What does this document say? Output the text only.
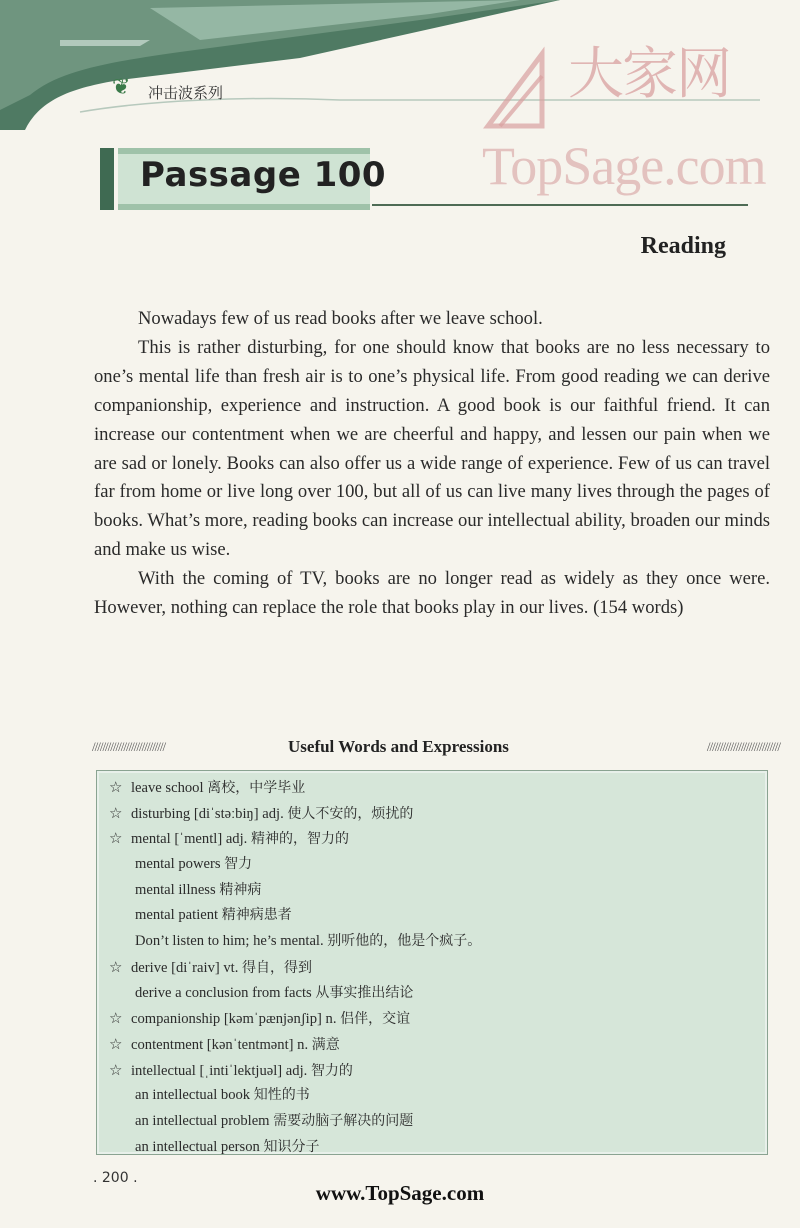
❦ 冲击波系列	大家网
TopSage.com
Passage 100
Reading

Nowadays few of us read books after we leave school.

This is rather disturbing, for one should know that books are no less necessary to one’s mental life than fresh air is to one’s physical life. From good reading we can derive companionship, experience and instruction. A good book is our faithful friend. It can increase our contentment when we are cheerful and happy, and lessen our pain when we are sad or lonely. Books can also offer us a wide range of experience. Few of us can travel far from home or live long over 100, but all of us can live many lives through the pages of books. What’s more, reading books can increase our intellectual ability, broaden our minds and make us wise.

With the coming of TV, books are no longer read as widely as they once were. However, nothing can replace the role that books play in our lives. (154 words)

////////////////////////////	Useful Words and Expressions	////////////////////////////
☆ leave school 离校，中学毕业
☆ disturbing [diˈstəːbiŋ] adj. 使人不安的，烦扰的
☆ mental [ˈmentl] adj. 精神的，智力的
mental powers 智力
mental illness 精神病
mental patient 精神病患者
Don’t listen to him; he’s mental. 别听他的，他是个疯子。
☆ derive [diˈraiv] vt. 得自，得到
derive a conclusion from facts 从事实推出结论
☆ companionship [kəmˈpænjənʃip] n. 侣伴，交谊
☆ contentment [kənˈtentmənt] n. 满意
☆ intellectual [ˌintiˈlektjuəl] adj. 智力的
an intellectual book 知性的书
an intellectual problem 需要动脑子解决的问题
an intellectual person 知识分子
. 200 .
www.TopSage.com
